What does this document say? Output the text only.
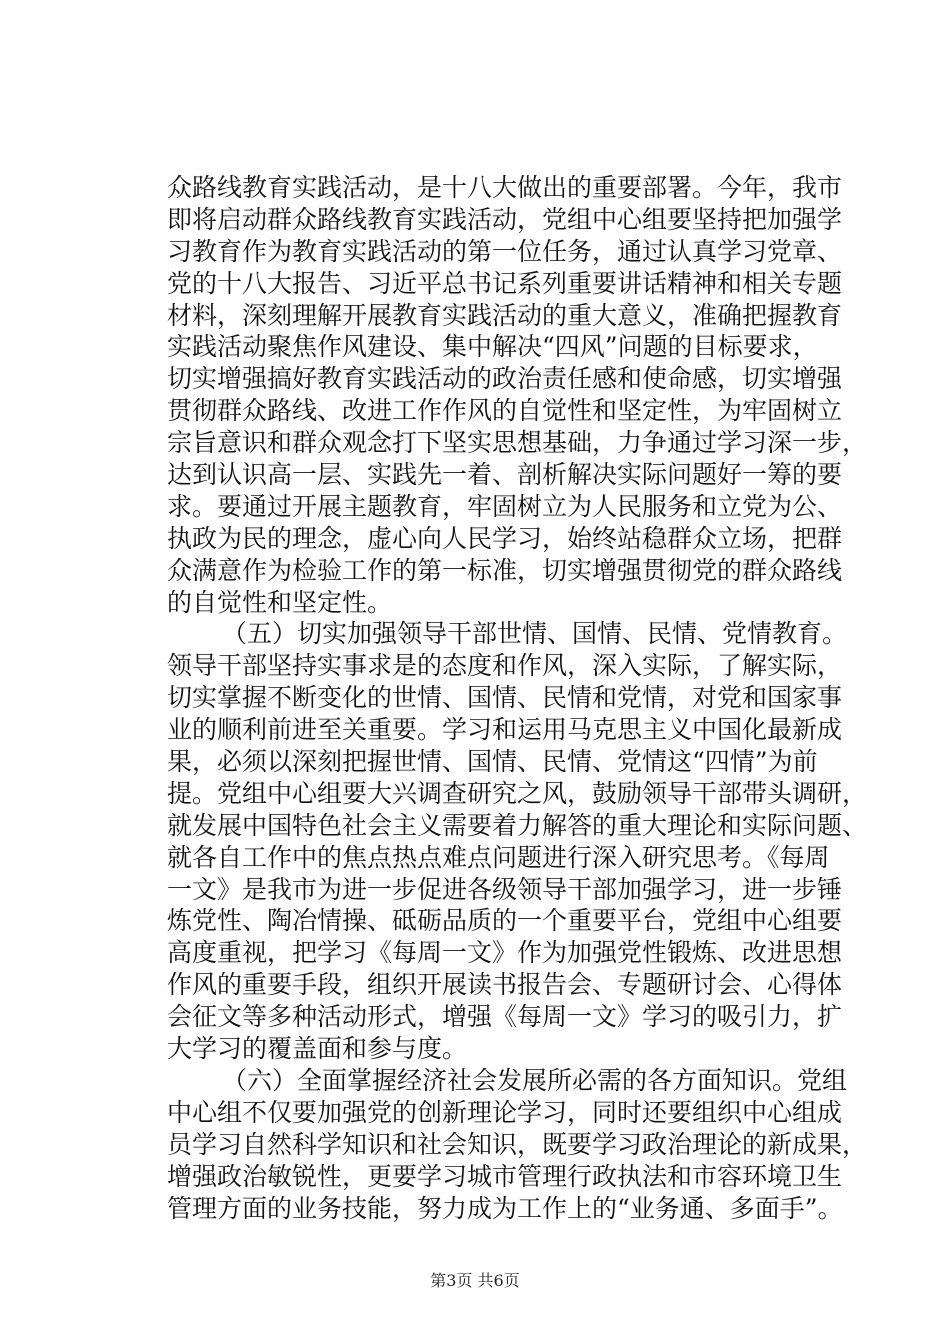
众路线教育实践活动，是十八大做出的重要部署。今年，我市
即将启动群众路线教育实践活动，党组中心组要坚持把加强学
习教育作为教育实践活动的第一位任务，通过认真学习党章、
党的十八大报告、习近平总书记系列重要讲话精神和相关专题
材料，深刻理解开展教育实践活动的重大意义，准确把握教育
实践活动聚焦作风建设、集中解决“四风”问题的目标要求，
切实增强搞好教育实践活动的政治责任感和使命感，切实增强
贯彻群众路线、改进工作作风的自觉性和坚定性，为牢固树立
宗旨意识和群众观念打下坚实思想基础，力争通过学习深一步，
达到认识高一层、实践先一着、剖析解决实际问题好一筹的要
求。要通过开展主题教育，牢固树立为人民服务和立党为公、
执政为民的理念，虚心向人民学习，始终站稳群众立场，把群
众满意作为检验工作的第一标准，切实增强贯彻党的群众路线
的自觉性和坚定性。
（五）切实加强领导干部世情、国情、民情、党情教育。
领导干部坚持实事求是的态度和作风，深入实际，了解实际，
切实掌握不断变化的世情、国情、民情和党情，对党和国家事
业的顺利前进至关重要。学习和运用马克思主义中国化最新成
果，必须以深刻把握世情、国情、民情、党情这“四情”为前
提。党组中心组要大兴调查研究之风，鼓励领导干部带头调研，
就发展中国特色社会主义需要着力解答的重大理论和实际问题、
就各自工作中的焦点热点难点问题进行深入研究思考。《每周
一文》是我市为进一步促进各级领导干部加强学习，进一步锤
炼党性、陶冶情操、砥砺品质的一个重要平台，党组中心组要
高度重视，把学习《每周一文》作为加强党性锻炼、改进思想
作风的重要手段，组织开展读书报告会、专题研讨会、心得体
会征文等多种活动形式，增强《每周一文》学习的吸引力，扩
大学习的覆盖面和参与度。
（六）全面掌握经济社会发展所必需的各方面知识。党组
中心组不仅要加强党的创新理论学习，同时还要组织中心组成
员学习自然科学知识和社会知识，既要学习政治理论的新成果，
增强政治敏锐性，更要学习城市管理行政执法和市容环境卫生
管理方面的业务技能，努力成为工作上的“业务通、多面手”。
第3页 共6页
